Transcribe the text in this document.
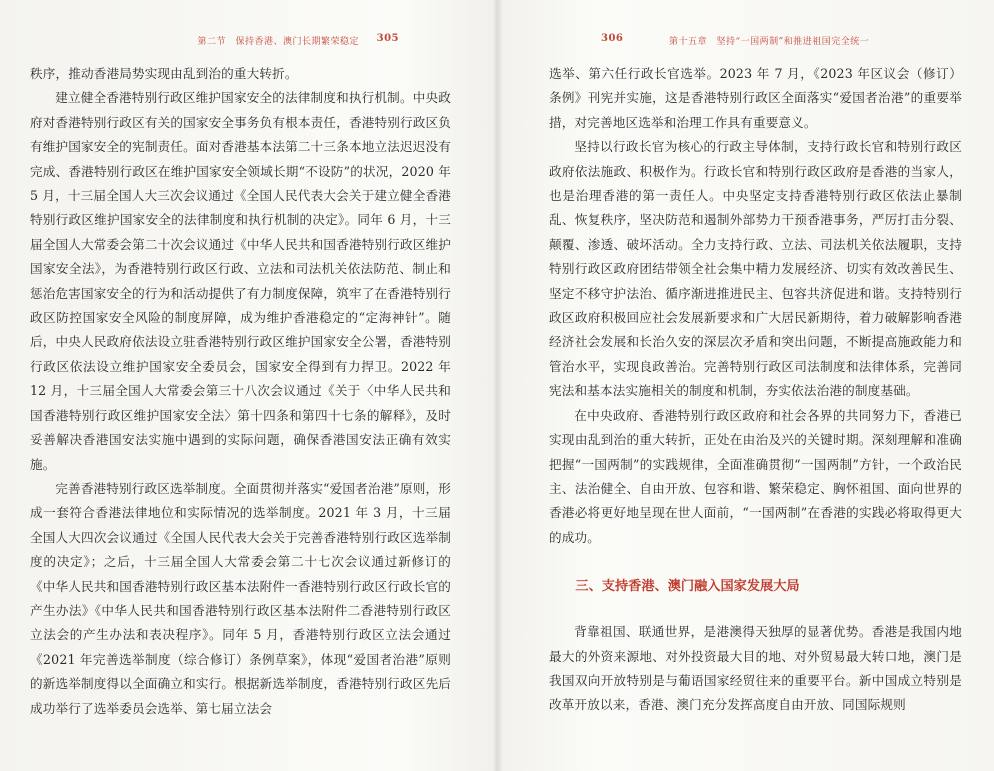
第二节　保持香港、澳门长期繁荣稳定 305

秩序，推动香港局势实现由乱到治的重大转折。

建立健全香港特别行政区维护国家安全的法律制度和执行机制。中央政府对香港特别行政区有关的国家安全事务负有根本责任，香港特别行政区负有维护国家安全的宪制责任。面对香港基本法第二十三条本地立法迟迟没有完成、香港特别行政区在维护国家安全领域长期“不设防”的状况，2020 年 5 月，十三届全国人大三次会议通过《全国人民代表大会关于建立健全香港特别行政区维护国家安全的法律制度和执行机制的决定》。同年 6 月，十三届全国人大常委会第二十次会议通过《中华人民共和国香港特别行政区维护国家安全法》，为香港特别行政区行政、立法和司法机关依法防范、制止和惩治危害国家安全的行为和活动提供了有力制度保障，筑牢了在香港特别行政区防控国家安全风险的制度屏障，成为维护香港稳定的“定海神针”。随后，中央人民政府依法设立驻香港特别行政区维护国家安全公署，香港特别行政区依法设立维护国家安全委员会，国家安全得到有力捍卫。2022 年 12 月，十三届全国人大常委会第三十八次会议通过《关于〈中华人民共和国香港特别行政区维护国家安全法〉第十四条和第四十七条的解释》，及时妥善解决香港国安法实施中遇到的实际问题，确保香港国安法正确有效实施。

完善香港特别行政区选举制度。全面贯彻并落实“爱国者治港”原则，形成一套符合香港法律地位和实际情况的选举制度。2021 年 3 月，十三届全国人大四次会议通过《全国人民代表大会关于完善香港特别行政区选举制度的决定》；之后，十三届全国人大常委会第二十七次会议通过新修订的《中华人民共和国香港特别行政区基本法附件一香港特别行政区行政长官的产生办法》《中华人民共和国香港特别行政区基本法附件二香港特别行政区立法会的产生办法和表决程序》。同年 5 月，香港特别行政区立法会通过《2021 年完善选举制度（综合修订）条例草案》，体现“爱国者治港”原则的新选举制度得以全面确立和实行。根据新选举制度，香港特别行政区先后成功举行了选举委员会选举、第七届立法会

306	第十五章　坚持“一国两制”和推进祖国完全统一

选举、第六任行政长官选举。2023 年 7 月，《2023 年区议会（修订）条例》刊宪并实施，这是香港特别行政区全面落实“爱国者治港”的重要举措，对完善地区选举和治理工作具有重要意义。

坚持以行政长官为核心的行政主导体制，支持行政长官和特别行政区政府依法施政、积极作为。行政长官和特别行政区政府是香港的当家人，也是治理香港的第一责任人。中央坚定支持香港特别行政区依法止暴制乱、恢复秩序，坚决防范和遏制外部势力干预香港事务，严厉打击分裂、颠覆、渗透、破坏活动。全力支持行政、立法、司法机关依法履职，支持特别行政区政府团结带领全社会集中精力发展经济、切实有效改善民生、坚定不移守护法治、循序渐进推进民主、包容共济促进和谐。支持特别行政区政府积极回应社会发展新要求和广大居民新期待，着力破解影响香港经济社会发展和长治久安的深层次矛盾和突出问题，不断提高施政能力和管治水平，实现良政善治。完善特别行政区司法制度和法律体系，完善同宪法和基本法实施相关的制度和机制，夯实依法治港的制度基础。

在中央政府、香港特别行政区政府和社会各界的共同努力下，香港已实现由乱到治的重大转折，正处在由治及兴的关键时期。深刻理解和准确把握“一国两制”的实践规律，全面准确贯彻“一国两制”方针，一个政治民主、法治健全、自由开放、包容和谐、繁荣稳定、胸怀祖国、面向世界的香港必将更好地呈现在世人面前，“一国两制”在香港的实践必将取得更大的成功。

三、支持香港、澳门融入国家发展大局

背靠祖国、联通世界，是港澳得天独厚的显著优势。香港是我国内地最大的外资来源地、对外投资最大目的地、对外贸易最大转口地，澳门是我国双向开放特别是与葡语国家经贸往来的重要平台。新中国成立特别是改革开放以来，香港、澳门充分发挥高度自由开放、同国际规则
